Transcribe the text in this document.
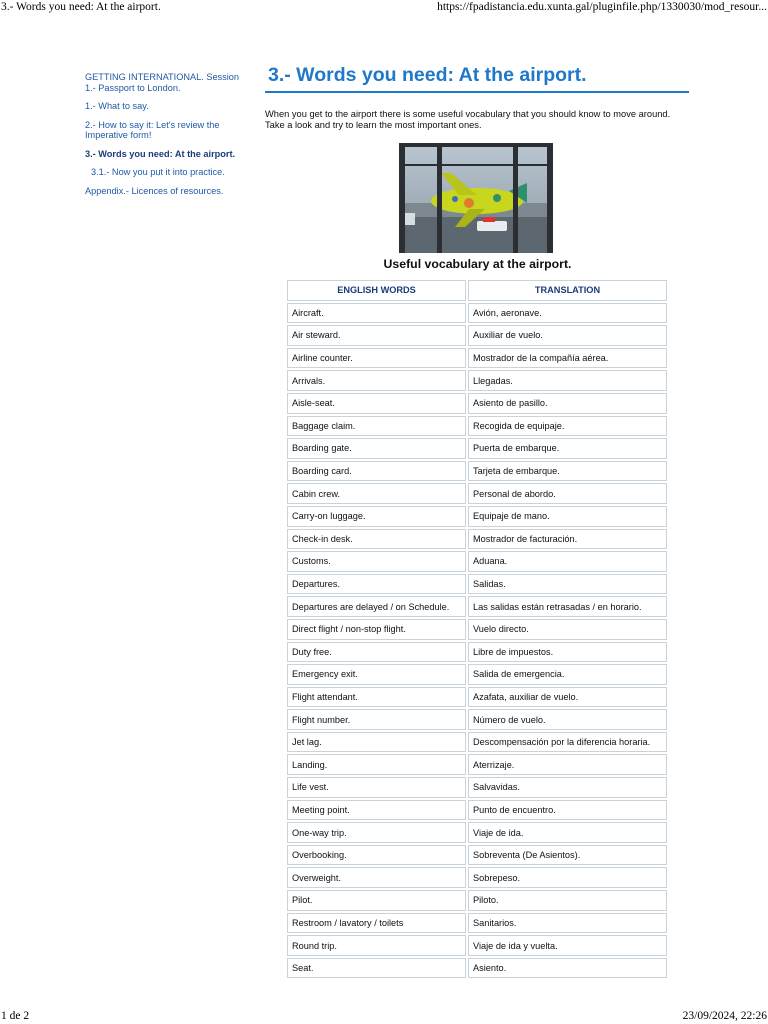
3.- Words you need: At the airport.	https://fpadistancia.edu.xunta.gal/pluginfile.php/1330030/mod_resour...
GETTING INTERNATIONAL. Session 1.- Passport to London.
1.- What to say.
2.- How to say it: Let's review the Imperative form!
3.- Words you need: At the airport.
3.1.- Now you put it into practice.
Appendix.- Licences of resources.
3.- Words you need: At the airport.

When you get to the airport there is some useful vocabulary that you should know to move around. Take a look and try to learn the most important ones.

Useful vocabulary at the airport.
ENGLISH WORDS	TRANSLATION
Aircraft.	Avión, aeronave.
Air steward.	Auxiliar de vuelo.
Airline counter.	Mostrador de la compañía aérea.
Arrivals.	Llegadas.
Aisle-seat.	Asiento de pasillo.
Baggage claim.	Recogida de equipaje.
Boarding gate.	Puerta de embarque.
Boarding card.	Tarjeta de embarque.
Cabin crew.	Personal de abordo.
Carry-on luggage.	Equipaje de mano.
Check-in desk.	Mostrador de facturación.
Customs.	Aduana.
Departures.	Salidas.
Departures are delayed / on Schedule.	Las salidas están retrasadas / en horario.
Direct flight / non-stop flight.	Vuelo directo.
Duty free.	Libre de impuestos.
Emergency exit.	Salida de emergencia.
Flight attendant.	Azafata, auxiliar de vuelo.
Flight number.	Número de vuelo.
Jet lag.	Descompensación por la diferencia horaria.
Landing.	Aterrizaje.
Life vest.	Salvavidas.
Meeting point.	Punto de encuentro.
One-way trip.	Viaje de ida.
Overbooking.	Sobreventa (De Asientos).
Overweight.	Sobrepeso.
Pilot.	Piloto.
Restroom / lavatory / toilets	Sanitarios.
Round trip.	Viaje de ida y vuelta.
Seat.	Asiento.
1 de 2	23/09/2024, 22:26
